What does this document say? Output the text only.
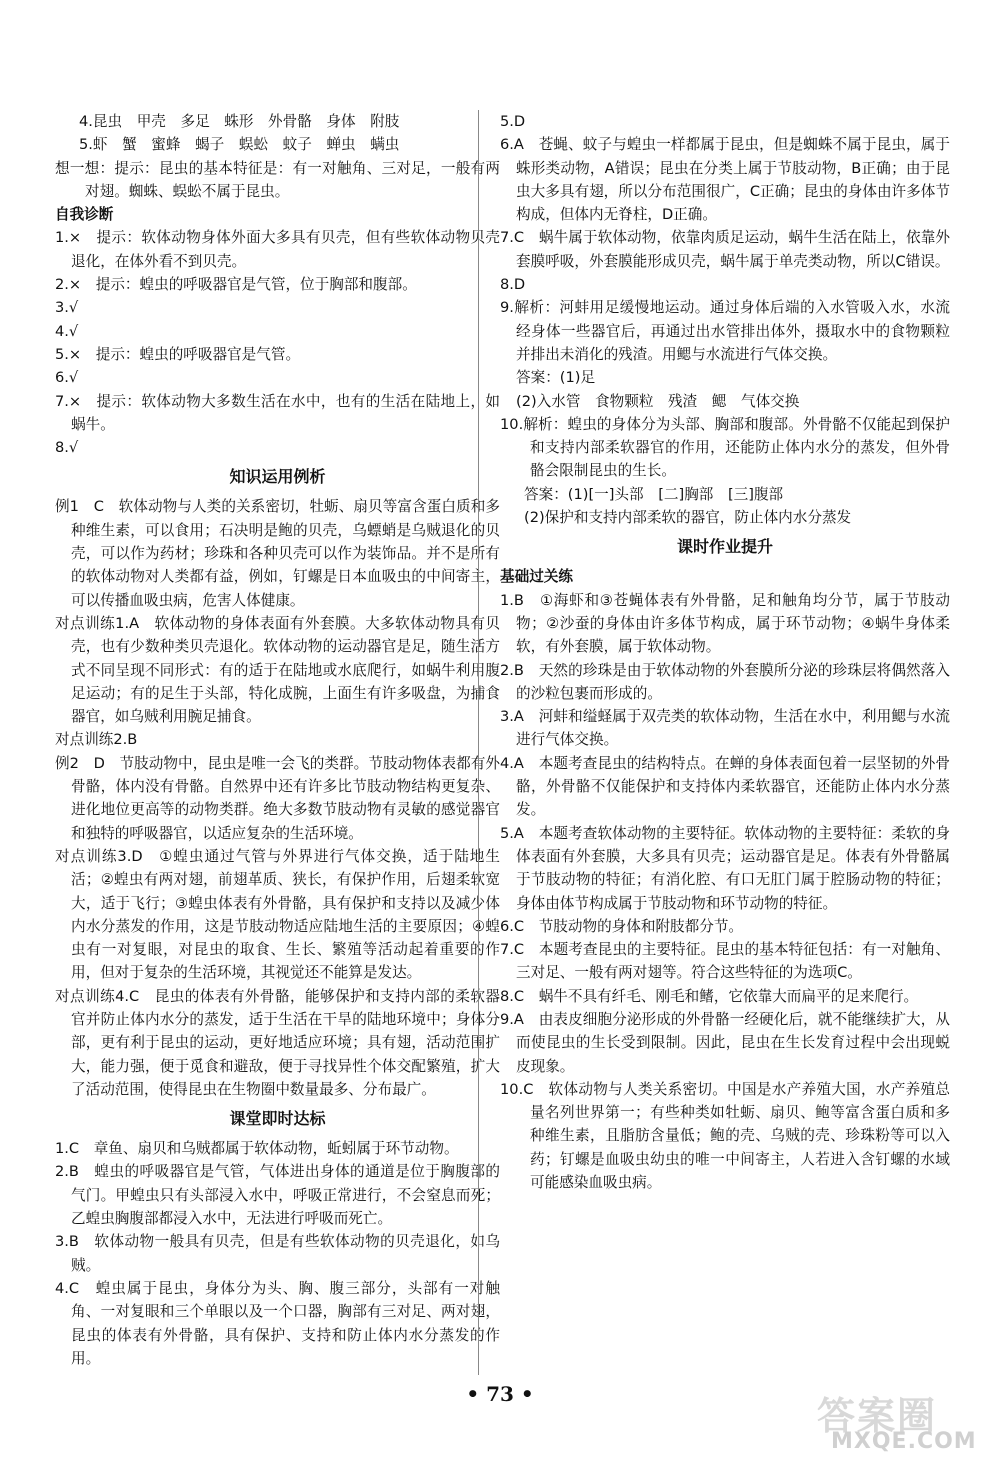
4.昆虫　甲壳　多足　蛛形　外骨骼　身体　附肢

5.虾　蟹　蜜蜂　蝎子　蜈蚣　蚊子　蝉虫　螨虫

想一想：提示：昆虫的基本特征是：有一对触角、三对足，一般有两对翅。蜘蛛、蜈蚣不属于昆虫。

自我诊断

1.×　提示：软体动物身体外面大多具有贝壳，但有些软体动物贝壳退化，在体外看不到贝壳。

2.×　提示：蝗虫的呼吸器官是气管，位于胸部和腹部。

3.√

4.√

5.×　提示：蝗虫的呼吸器官是气管。

6.√

7.×　提示：软体动物大多数生活在水中，也有的生活在陆地上，如蜗牛。

8.√

知识运用例析

例1　C　软体动物与人类的关系密切，牡蛎、扇贝等富含蛋白质和多种维生素，可以食用；石决明是鲍的贝壳，乌螵蛸是乌贼退化的贝壳，可以作为药材；珍珠和各种贝壳可以作为装饰品。并不是所有的软体动物对人类都有益，例如，钉螺是日本血吸虫的中间寄主，可以传播血吸虫病，危害人体健康。

对点训练1.A　软体动物的身体表面有外套膜。大多软体动物具有贝壳，也有少数种类贝壳退化。软体动物的运动器官是足，随生活方式不同呈现不同形式：有的适于在陆地或水底爬行，如蜗牛利用腹足运动；有的足生于头部，特化成腕，上面生有许多吸盘，为捕食器官，如乌贼利用腕足捕食。

对点训练2.B

例2　D　节肢动物中，昆虫是唯一会飞的类群。节肢动物体表都有外骨骼，体内没有骨骼。自然界中还有许多比节肢动物结构更复杂、进化地位更高等的动物类群。绝大多数节肢动物有灵敏的感觉器官和独特的呼吸器官，以适应复杂的生活环境。

对点训练3.D　①蝗虫通过气管与外界进行气体交换，适于陆地生活；②蝗虫有两对翅，前翅革质、狭长，有保护作用，后翅柔软宽大，适于飞行；③蝗虫体表有外骨骼，具有保护和支持以及减少体内水分蒸发的作用，这是节肢动物适应陆地生活的主要原因；④蝗虫有一对复眼，对昆虫的取食、生长、繁殖等活动起着重要的作用，但对于复杂的生活环境，其视觉还不能算是发达。

对点训练4.C　昆虫的体表有外骨骼，能够保护和支持内部的柔软器官并防止体内水分的蒸发，适于生活在干旱的陆地环境中；身体分部，更有利于昆虫的运动，更好地适应环境；具有翅，活动范围扩大，能力强，便于觅食和避敌，便于寻找异性个体交配繁殖，扩大了活动范围，使得昆虫在生物圈中数量最多、分布最广。

课堂即时达标

1.C　章鱼、扇贝和乌贼都属于软体动物，蚯蚓属于环节动物。

2.B　蝗虫的呼吸器官是气管，气体进出身体的通道是位于胸腹部的气门。甲蝗虫只有头部浸入水中，呼吸正常进行，不会窒息而死；乙蝗虫胸腹部都浸入水中，无法进行呼吸而死亡。

3.B　软体动物一般具有贝壳，但是有些软体动物的贝壳退化，如乌贼。

4.C　蝗虫属于昆虫，身体分为头、胸、腹三部分，头部有一对触角、一对复眼和三个单眼以及一个口器，胸部有三对足、两对翅，昆虫的体表有外骨骼，具有保护、支持和防止体内水分蒸发的作用。

5.D

6.A　苍蝇、蚊子与蝗虫一样都属于昆虫，但是蜘蛛不属于昆虫，属于蛛形类动物，A错误；昆虫在分类上属于节肢动物，B正确；由于昆虫大多具有翅，所以分布范围很广，C正确；昆虫的身体由许多体节构成，但体内无脊柱，D正确。

7.C　蜗牛属于软体动物，依靠肉质足运动，蜗牛生活在陆上，依靠外套膜呼吸，外套膜能形成贝壳，蜗牛属于单壳类动物，所以C错误。

8.D

9.解析：河蚌用足缓慢地运动。通过身体后端的入水管吸入水，水流经身体一些器官后，再通过出水管排出体外，摄取水中的食物颗粒并排出未消化的残渣。用鳃与水流进行气体交换。

答案：(1)足

(2)入水管　食物颗粒　残渣　鳃　气体交换

10.解析：蝗虫的身体分为头部、胸部和腹部。外骨骼不仅能起到保护和支持内部柔软器官的作用，还能防止体内水分的蒸发，但外骨骼会限制昆虫的生长。

答案：(1)[一]头部　[二]胸部　[三]腹部

(2)保护和支持内部柔软的器官，防止体内水分蒸发

课时作业提升

基础过关练

1.B　①海虾和③苍蝇体表有外骨骼，足和触角均分节，属于节肢动物；②沙蚕的身体由许多体节构成，属于环节动物；④蜗牛身体柔软，有外套膜，属于软体动物。

2.B　天然的珍珠是由于软体动物的外套膜所分泌的珍珠层将偶然落入的沙粒包裹而形成的。

3.A　河蚌和缢蛏属于双壳类的软体动物，生活在水中，利用鳃与水流进行气体交换。

4.A　本题考查昆虫的结构特点。在蝉的身体表面包着一层坚韧的外骨骼，外骨骼不仅能保护和支持体内柔软器官，还能防止体内水分蒸发。

5.A　本题考查软体动物的主要特征。软体动物的主要特征：柔软的身体表面有外套膜，大多具有贝壳；运动器官是足。体表有外骨骼属于节肢动物的特征；有消化腔、有口无肛门属于腔肠动物的特征；身体由体节构成属于节肢动物和环节动物的特征。

6.C　节肢动物的身体和附肢都分节。

7.C　本题考查昆虫的主要特征。昆虫的基本特征包括：有一对触角、三对足、一般有两对翅等。符合这些特征的为选项C。

8.C　蜗牛不具有纤毛、刚毛和鳍，它依靠大而扁平的足来爬行。

9.A　由表皮细胞分泌形成的外骨骼一经硬化后，就不能继续扩大，从而使昆虫的生长受到限制。因此，昆虫在生长发育过程中会出现蜕皮现象。

10.C　软体动物与人类关系密切。中国是水产养殖大国，水产养殖总量名列世界第一；有些种类如牡蛎、扇贝、鲍等富含蛋白质和多种维生素，且脂肪含量低；鲍的壳、乌贼的壳、珍珠粉等可以入药；钉螺是血吸虫幼虫的唯一中间寄主，人若进入含钉螺的水域可能感染血吸虫病。

• 73 •	答案圈
MXQE.COM
